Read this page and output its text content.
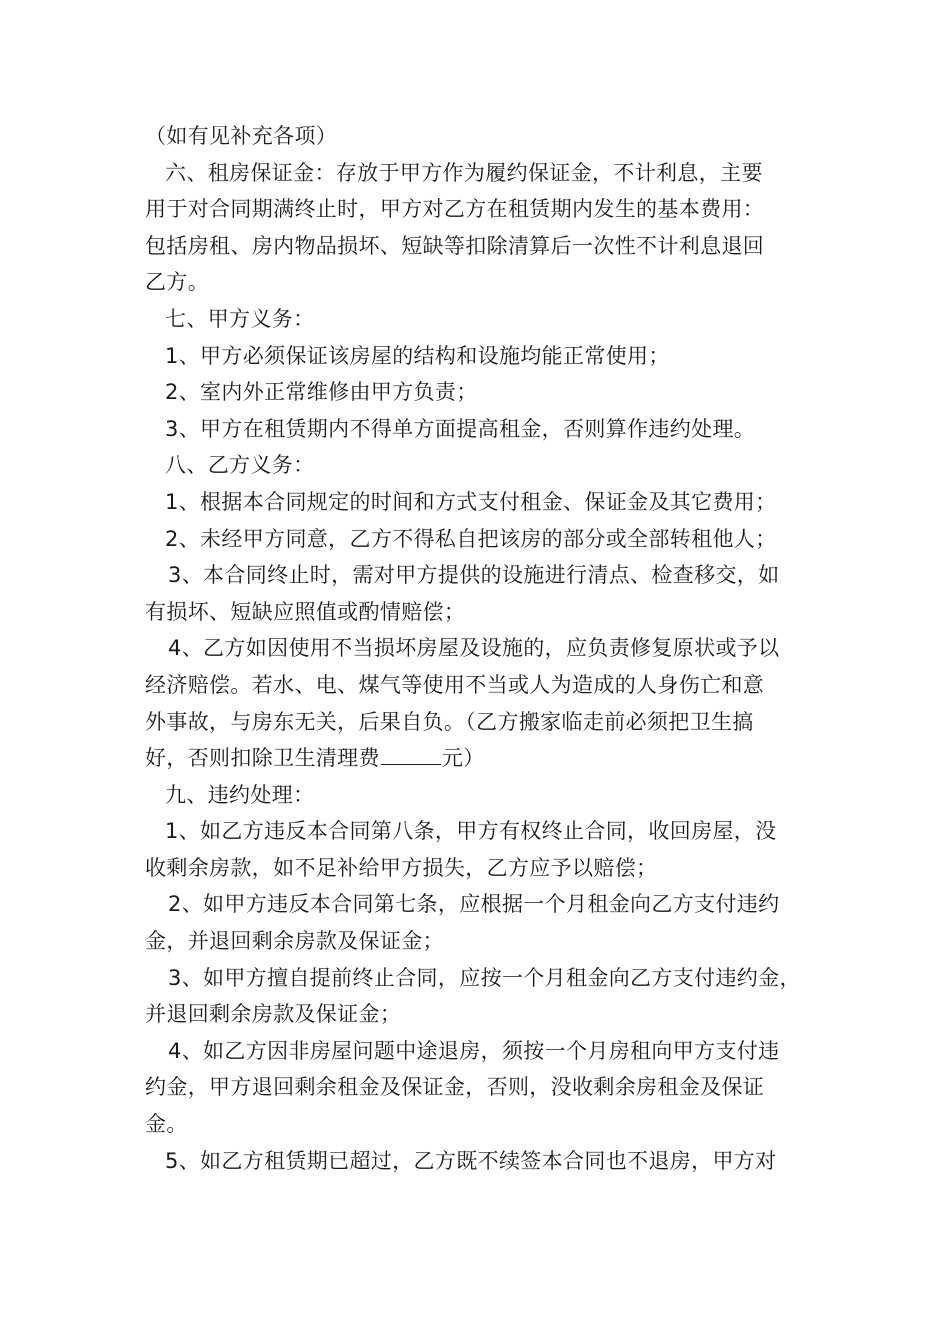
（如有见补充各项）
六、租房保证金：存放于甲方作为履约保证金，不计利息，主要
用于对合同期满终止时，甲方对乙方在租赁期内发生的基本费用：
包括房租、房内物品损坏、短缺等扣除清算后一次性不计利息退回
乙方。
七、甲方义务：
1、甲方必须保证该房屋的结构和设施均能正常使用；
2、室内外正常维修由甲方负责；
3、甲方在租赁期内不得单方面提高租金，否则算作违约处理。
八、乙方义务：
1、根据本合同规定的时间和方式支付租金、保证金及其它费用；
2、未经甲方同意，乙方不得私自把该房的部分或全部转租他人；
3、本合同终止时，需对甲方提供的设施进行清点、检查移交，如
有损坏、短缺应照值或酌情赔偿；
4、乙方如因使用不当损坏房屋及设施的，应负责修复原状或予以
经济赔偿。若水、电、煤气等使用不当或人为造成的人身伤亡和意
外事故，与房东无关，后果自负。（乙方搬家临走前必须把卫生搞
好，否则扣除卫生清理费	元）
九、违约处理：
1、如乙方违反本合同第八条，甲方有权终止合同，收回房屋，没
收剩余房款，如不足补给甲方损失，乙方应予以赔偿；
2、如甲方违反本合同第七条，应根据一个月租金向乙方支付违约
金，并退回剩余房款及保证金；
3、如甲方擅自提前终止合同，应按一个月租金向乙方支付违约金，
并退回剩余房款及保证金；
4、如乙方因非房屋问题中途退房，须按一个月房租向甲方支付违
约金，甲方退回剩余租金及保证金，否则，没收剩余房租金及保证
金。
5、如乙方租赁期已超过，乙方既不续签本合同也不退房，甲方对
